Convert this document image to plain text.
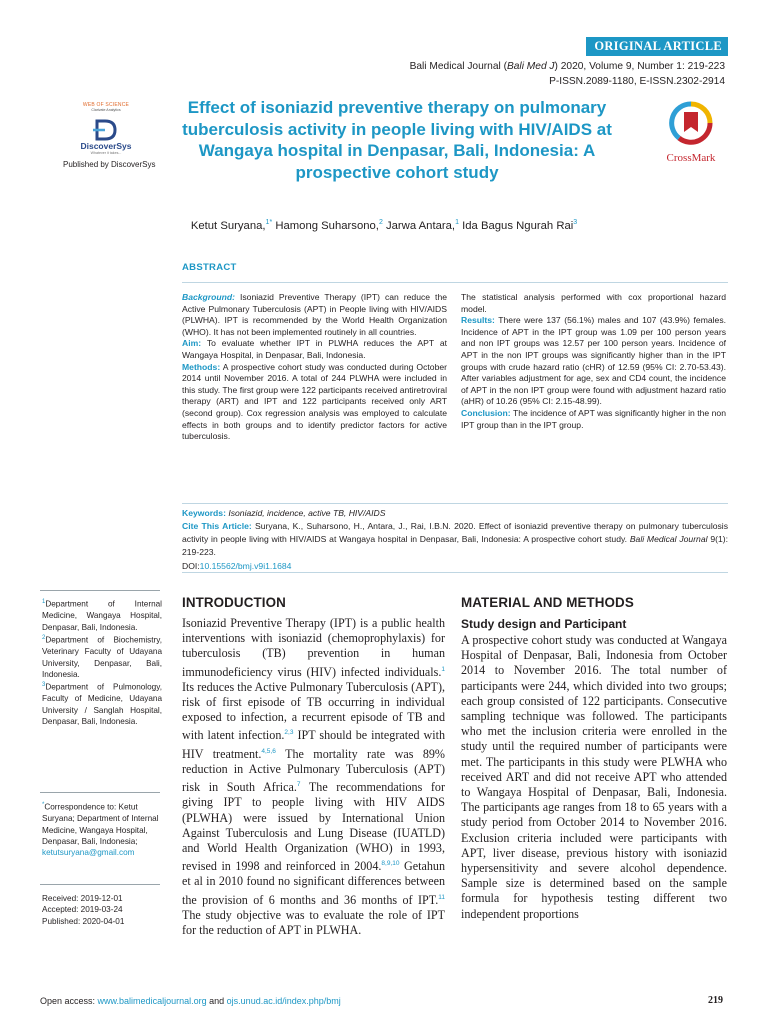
ORIGINAL ARTICLE
Bali Medical Journal (Bali Med J) 2020, Volume 9, Number 1: 219-223
P-ISSN.2089-1180, E-ISSN.2302-2914
WEB OF SCIENCE
Clarivate Analytics
DiscoverSys
Whatever it takes...
Published by DiscoverSys
Effect of isoniazid preventive therapy on pulmonary tuberculosis activity in people living with HIV/AIDS at Wangaya hospital in Denpasar, Bali, Indonesia: A prospective cohort study
CrossMark
Ketut Suryana,$^{1*}$ Hamong Suharsono,$^2$ Jarwa Antara,$^1$ Ida Bagus Ngurah Rai$^3$
ABSTRACT

Background: Isoniazid Preventive Therapy (IPT) can reduce the Active Pulmonary Tuberculosis (APT) in People living with HIV/AIDS (PLWHA). IPT is recommended by the World Health Organization (WHO). It has not been implemented routinely in all countries.

Aim: To evaluate whether IPT in PLWHA reduces the APT at Wangaya Hospital, in Denpasar, Bali, Indonesia.

Methods: A prospective cohort study was conducted during October 2014 until November 2016. A total of 244 PLWHA were included in this study. The first group were 122 participants received antiretroviral therapy (ART) and IPT and 122 participants received only ART (second group). Cox regression analysis was employed to calculate effects in both groups and to identify predictor factors for active tuberculosis.

The statistical analysis performed with cox proportional hazard model.

Results: There were 137 (56.1%) males and 107 (43.9%) females. Incidence of APT in the IPT group was 1.09 per 100 person years and non IPT groups was 12.57 per 100 person years. Incidence of APT in the non IPT groups was significantly higher than in the IPT groups with crude hazard ratio (cHR) of 12.59 (95% CI: 2.70-53.43). After variables adjustment for age, sex and CD4 count, the incidence of APT in the non IPT group were found with adjustment hazard ratio (aHR) of 10.26 (95% CI: 2.15-48.99).

Conclusion: The incidence of APT was significantly higher in the non IPT group than in the IPT group.

Keywords: Isoniazid, incidence, active TB, HIV/AIDS
Cite This Article: Suryana, K., Suharsono, H., Antara, J., Rai, I.B.N. 2020. Effect of isoniazid preventive therapy on pulmonary tuberculosis activity in people living with HIV/AIDS at Wangaya hospital in Denpasar, Bali, Indonesia: A prospective cohort study. Bali Medical Journal 9(1): 219-223.
DOI:10.15562/bmj.v9i1.1684
$^1$Department of Internal Medicine, Wangaya Hospital, Denpasar, Bali, Indonesia.
$^2$Department of Biochemistry, Veterinary Faculty of Udayana University, Denpasar, Bali, Indonesia.
$^3$Department of Pulmonology, Faculty of Medicine, Udayana University / Sanglah Hospital, Denpasar, Bali, Indonesia.
*Correspondence to: Ketut Suryana; Department of Internal Medicine, Wangaya Hospital, Denpasar, Bali, Indonesia;
ketutsuryana@gmail.com
Received: 2019-12-01
Accepted: 2019-03-24
Published: 2020-04-01
INTRODUCTION
Isoniazid Preventive Therapy (IPT) is a public health interventions with isoniazid (chemoprophylaxis) for tuberculosis (TB) prevention in human immunodeficiency virus (HIV) infected individuals.$^1$ Its reduces the Active Pulmonary Tuberculosis (APT), risk of first episode of TB occurring in individual exposed to infection, a recurrent episode of TB and with latent infection.$^{2,3}$ IPT should be integrated with HIV treatment.$^{4,5,6}$ The mortality rate was 89% reduction in Active Pulmonary Tuberculosis (APT) risk in South Africa.$^7$ The recommendations for giving IPT to people living with HIV AIDS (PLWHA) were issued by International Union Against Tuberculosis and Lung Disease (IUATLD) and World Health Organization (WHO) in 1993, revised in 1998 and reinforced in 2004.$^{8,9,10}$ Getahun et al in 2010 found no significant differences between the provision of 6 months and 36 months of IPT.$^{11}$ The study objective was to evaluate the role of IPT for the reduction of APT in PLWHA.
MATERIAL AND METHODS
Study design and Participant
A prospective cohort study was conducted at Wangaya Hospital of Denpasar, Bali, Indonesia from October 2014 to November 2016. The total number of participants were 244, which divided into two groups; each group consisted of 122 participants. Consecutive sampling technique was followed. The participants who met the inclusion criteria were enrolled in the study until the required number of participants were met. The participants in this study were PLWHA who received ART and did not receive APT who attended to Wangaya Hospital of Denpasar, Bali, Indonesia. The participants age ranges from 18 to 65 years with a study period from October 2014 to November 2016. Exclusion criteria included were participants with APT, liver disease, previous history with isoniazid hypersensitivity and severe alcohol dependence. Sample size is determined based on the sample formula for hypothesis testing different two independent proportions
Open access: www.balimedicaljournal.org and ojs.unud.ac.id/index.php/bmj	219
